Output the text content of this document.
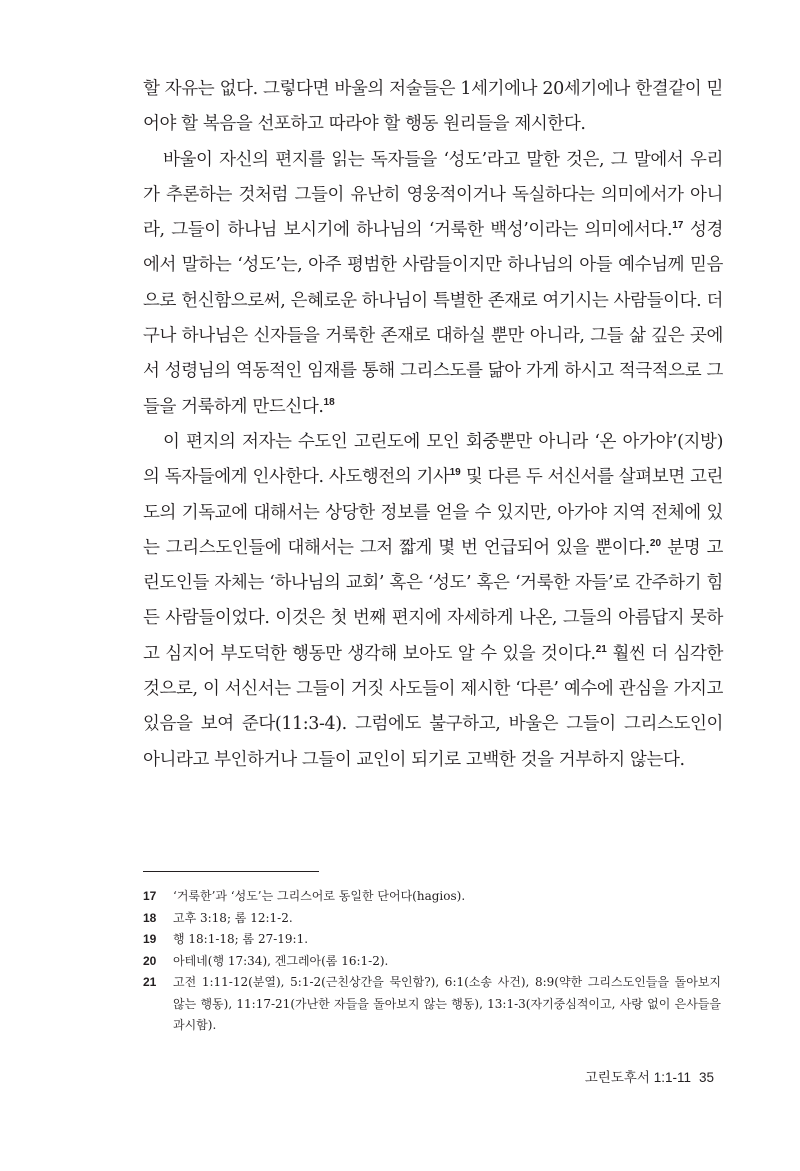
할 자유는 없다. 그렇다면 바울의 저술들은 1세기에나 20세기에나 한결같이 믿어야 할 복음을 선포하고 따라야 할 행동 원리들을 제시한다.

바울이 자신의 편지를 읽는 독자들을 ‘성도’라고 말한 것은, 그 말에서 우리가 추론하는 것처럼 그들이 유난히 영웅적이거나 독실하다는 의미에서가 아니라, 그들이 하나님 보시기에 하나님의 ‘거룩한 백성’이라는 의미에서다.$^{17}$ 성경에서 말하는 ‘성도’는, 아주 평범한 사람들이지만 하나님의 아들 예수님께 믿음으로 헌신함으로써, 은혜로운 하나님이 특별한 존재로 여기시는 사람들이다. 더구나 하나님은 신자들을 거룩한 존재로 대하실 뿐만 아니라, 그들 삶 깊은 곳에서 성령님의 역동적인 임재를 통해 그리스도를 닮아 가게 하시고 적극적으로 그들을 거룩하게 만드신다.$^{18}$

이 편지의 저자는 수도인 고린도에 모인 회중뿐만 아니라 ‘온 아가야’(지방)의 독자들에게 인사한다. 사도행전의 기사$^{19}$ 및 다른 두 서신서를 살펴보면 고린도의 기독교에 대해서는 상당한 정보를 얻을 수 있지만, 아가야 지역 전체에 있는 그리스도인들에 대해서는 그저 짧게 몇 번 언급되어 있을 뿐이다.$^{20}$ 분명 고린도인들 자체는 ‘하나님의 교회’ 혹은 ‘성도’ 혹은 ‘거룩한 자들’로 간주하기 힘든 사람들이었다. 이것은 첫 번째 편지에 자세하게 나온, 그들의 아름답지 못하고 심지어 부도덕한 행동만 생각해 보아도 알 수 있을 것이다.$^{21}$ 훨씬 더 심각한 것으로, 이 서신서는 그들이 거짓 사도들이 제시한 ‘다른’ 예수에 관심을 가지고 있음을 보여 준다(11:3-4). 그럼에도 불구하고, 바울은 그들이 그리스도인이 아니라고 부인하거나 그들이 교인이 되기로 고백한 것을 거부하지 않는다.

17	‘거룩한’과 ‘성도’는 그리스어로 동일한 단어다(hagios).
18	고후 3:18; 롬 12:1-2.
19	행 18:1-18; 롬 27-19:1.
20	아테네(행 17:34), 겐그레아(롬 16:1-2).
21	고전 1:11-12(분열), 5:1-2(근친상간을 묵인함?), 6:1(소송 사건), 8:9(약한 그리스도인들을 돌아보지 않는 행동), 11:17-21(가난한 자들을 돌아보지 않는 행동), 13:1-3(자기중심적이고, 사랑 없이 은사들을 과시함).
고린도후서 1:1-11 35
